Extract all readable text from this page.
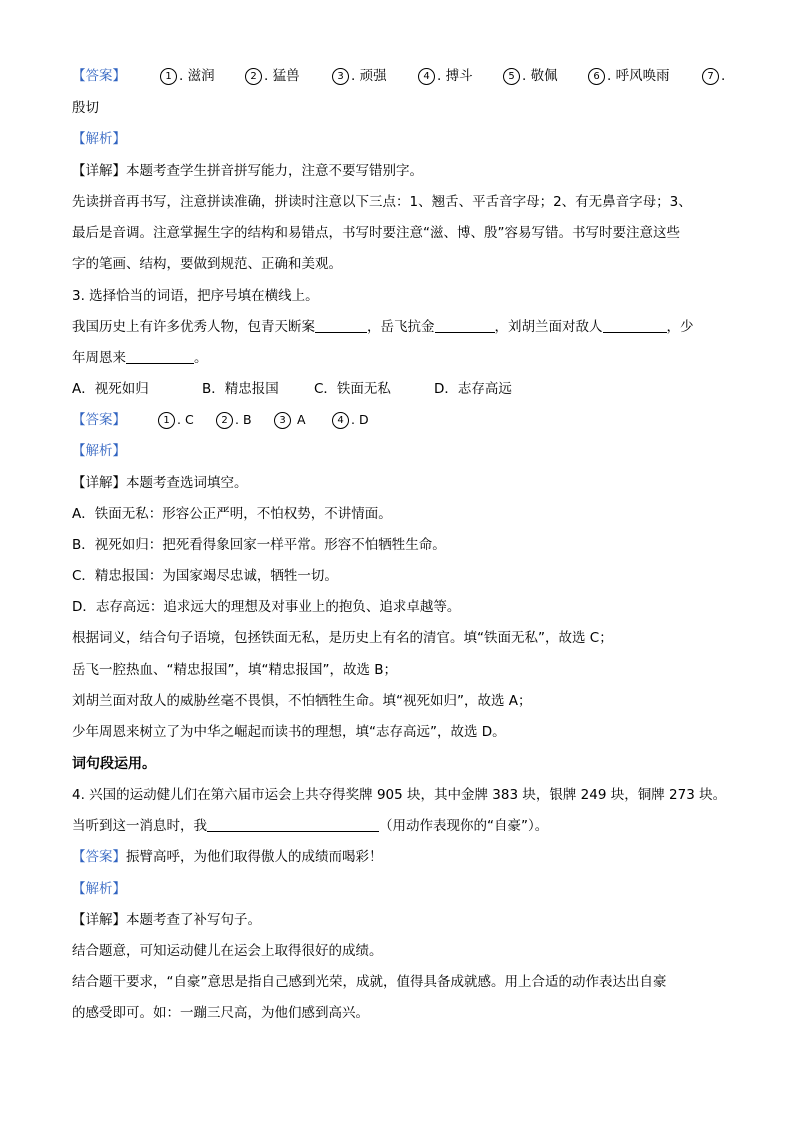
【答案】	1 . 滋润	2 . 猛兽	3 . 顽强	4 . 搏斗	5 . 敬佩	6 . 呼风唤雨	7 .
殷切
【解析】
【详解】本题考查学生拼音拼写能力，注意不要写错别字。
先读拼音再书写，注意拼读准确，拼读时注意以下三点：1、翘舌、平舌音字母；2、有无鼻音字母；3、
最后是音调。注意掌握生字的结构和易错点，书写时要注意“滋、博、殷”容易写错。书写时要注意这些
字的笔画、结构，要做到规范、正确和美观。
3. 选择恰当的词语，把序号填在横线上。
我国历史上有许多优秀人物，包青天断案	，岳飞抗金	，刘胡兰面对敌人	，少
年周恩来	。
A．视死如归	B．精忠报国	C．铁面无私	D．志存高远
【答案】	1 . C	2 . B	3 A	4 . D
【解析】
【详解】本题考查选词填空。
A．铁面无私：形容公正严明，不怕权势，不讲情面。
B．视死如归：把死看得象回家一样平常。形容不怕牺牲生命。
C．精忠报国：为国家竭尽忠诚，牺牲一切。
D．志存高远：追求远大的理想及对事业上的抱负、追求卓越等。
根据词义，结合句子语境，包拯铁面无私，是历史上有名的清官。填“铁面无私”，故选 C；
岳飞一腔热血、“精忠报国”，填“精忠报国”，故选 B；
刘胡兰面对敌人的威胁丝毫不畏惧，不怕牺牲生命。填“视死如归”，故选 A；
少年周恩来树立了为中华之崛起而读书的理想，填“志存高远”，故选 D。
词句段运用。
4. 兴国的运动健儿们在第六届市运会上共夺得奖牌 905 块，其中金牌 383 块，银牌 249 块，铜牌 273 块。
当听到这一消息时，我	（用动作表现你的“自豪”）。
【答案】振臂高呼，为他们取得傲人的成绩而喝彩！
【解析】
【详解】本题考查了补写句子。
结合题意，可知运动健儿在运会上取得很好的成绩。
结合题干要求，“自豪”意思是指自己感到光荣，成就，值得具备成就感。用上合适的动作表达出自豪
的感受即可。如：一蹦三尺高，为他们感到高兴。
